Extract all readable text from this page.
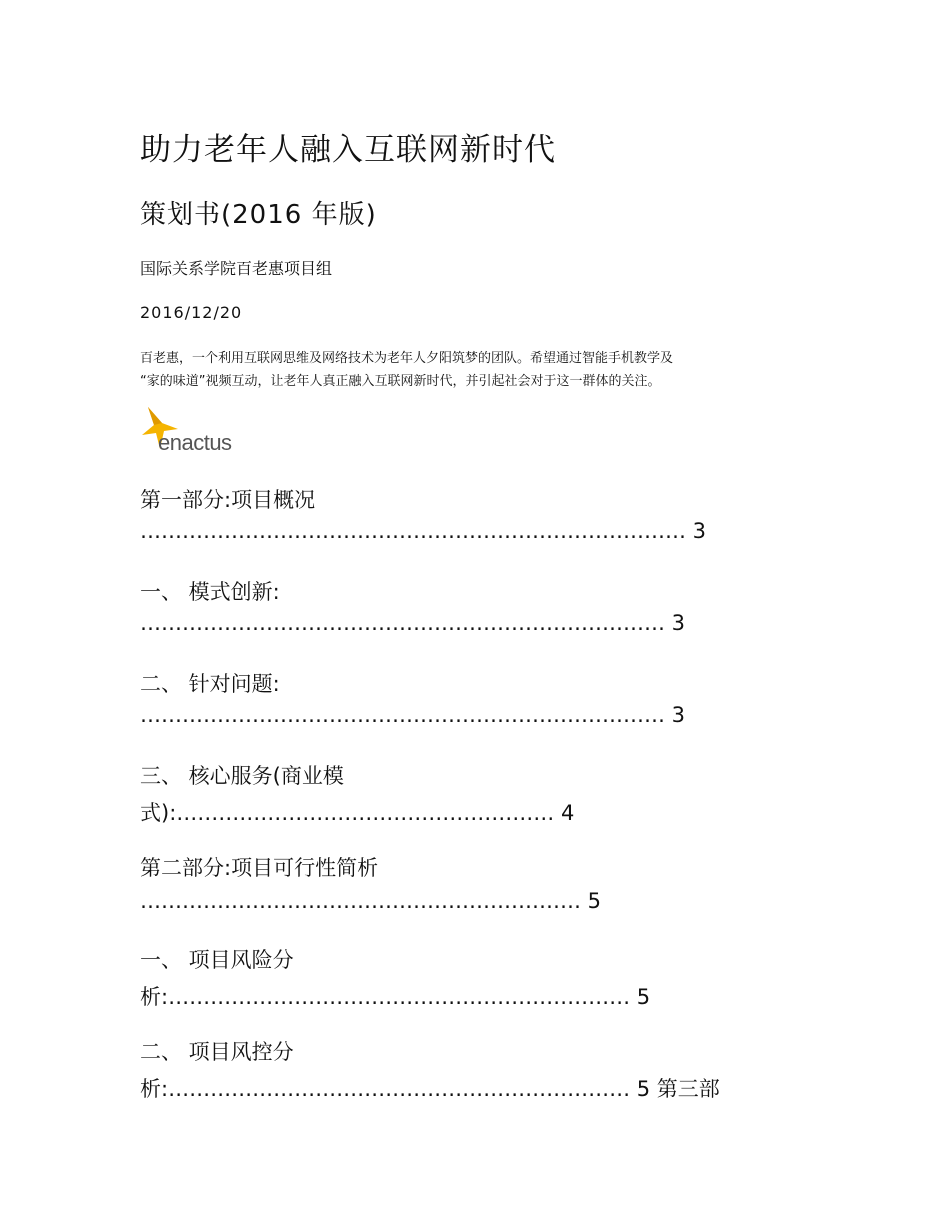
助力老年人融入互联网新时代
策划书(2016 年版)
国际关系学院百老惠项目组
2016/12/20
百老惠，一个利用互联网思维及网络技术为老年人夕阳筑梦的团队。希望通过智能手机教学及
“家的味道”视频互动，让老年人真正融入互联网新时代，并引起社会对于这一群体的关注。
enactus
第一部分:项目概况
…………………………………………………………………… 3
一、 模式创新:
………………………………………………………………… 3
二、 针对问题:
………………………………………………………………… 3
三、 核心服务(商业模
式):……………………………………………… 4
第二部分:项目可行性简析
……………………………………………………… 5
一、 项目风险分
析:………………………………………………………… 5
二、 项目风控分
析:………………………………………………………… 5 第三部
